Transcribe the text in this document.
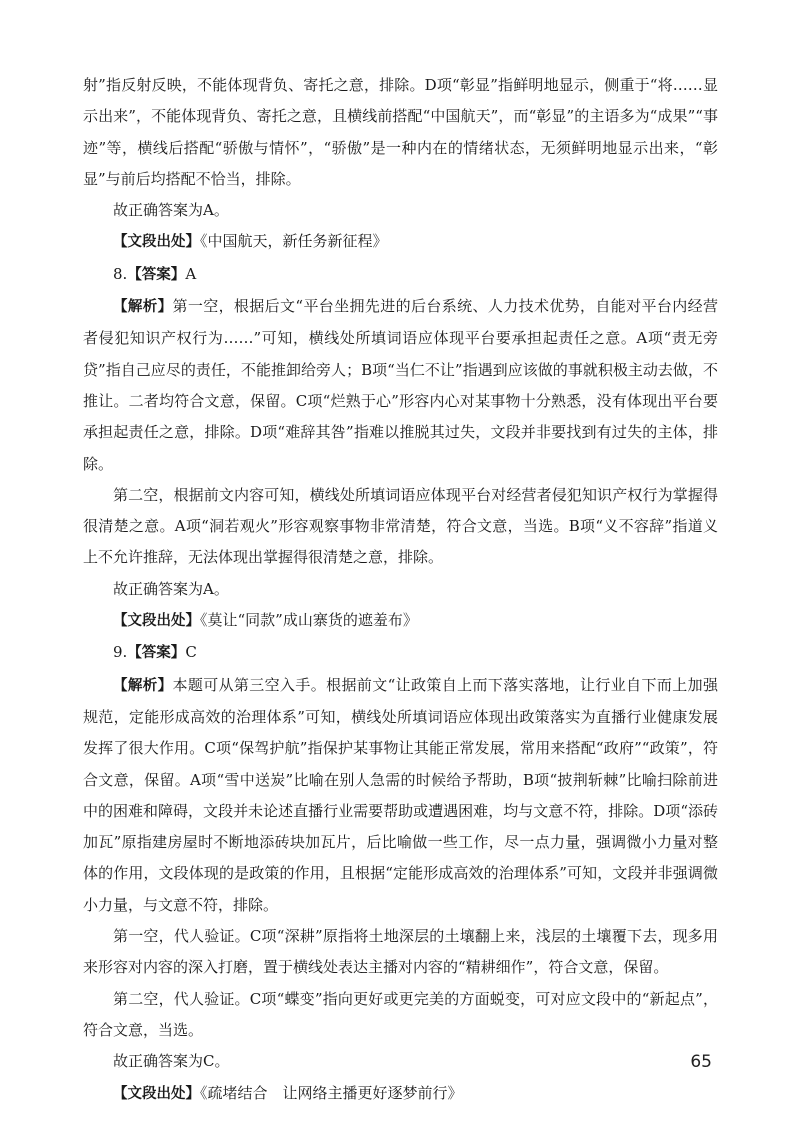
射”指反射反映，不能体现背负、寄托之意，排除。D项“彰显”指鲜明地显示，侧重于“将……显示出来”，不能体现背负、寄托之意，且横线前搭配“中国航天”，而“彰显”的主语多为“成果”“事迹”等，横线后搭配“骄傲与情怀”，“骄傲”是一种内在的情绪状态，无须鲜明地显示出来，“彰显”与前后均搭配不恰当，排除。

故正确答案为A。

【文段出处】《中国航天，新任务新征程》

8.【答案】A

【解析】第一空，根据后文“平台坐拥先进的后台系统、人力技术优势，自能对平台内经营者侵犯知识产权行为……”可知，横线处所填词语应体现平台要承担起责任之意。A项“责无旁贷”指自己应尽的责任，不能推卸给旁人；B项“当仁不让”指遇到应该做的事就积极主动去做，不推让。二者均符合文意，保留。C项“烂熟于心”形容内心对某事物十分熟悉，没有体现出平台要承担起责任之意，排除。D项“难辞其咎”指难以推脱其过失，文段并非要找到有过失的主体，排除。

第二空，根据前文内容可知，横线处所填词语应体现平台对经营者侵犯知识产权行为掌握得很清楚之意。A项“洞若观火”形容观察事物非常清楚，符合文意，当选。B项“义不容辞”指道义上不允许推辞，无法体现出掌握得很清楚之意，排除。

故正确答案为A。

【文段出处】《莫让“同款”成山寨货的遮羞布》

9.【答案】C

【解析】本题可从第三空入手。根据前文“让政策自上而下落实落地，让行业自下而上加强规范，定能形成高效的治理体系”可知，横线处所填词语应体现出政策落实为直播行业健康发展发挥了很大作用。C项“保驾护航”指保护某事物让其能正常发展，常用来搭配“政府”“政策”，符合文意，保留。A项“雪中送炭”比喻在别人急需的时候给予帮助，B项“披荆斩棘”比喻扫除前进中的困难和障碍，文段并未论述直播行业需要帮助或遭遇困难，均与文意不符，排除。D项“添砖加瓦”原指建房屋时不断地添砖块加瓦片，后比喻做一些工作，尽一点力量，强调微小力量对整体的作用，文段体现的是政策的作用，且根据“定能形成高效的治理体系”可知，文段并非强调微小力量，与文意不符，排除。

第一空，代人验证。C项“深耕”原指将土地深层的土壤翻上来，浅层的土壤覆下去，现多用来形容对内容的深入打磨，置于横线处表达主播对内容的“精耕细作”，符合文意，保留。

第二空，代人验证。C项“蝶变”指向更好或更完美的方面蜕变，可对应文段中的“新起点”，符合文意，当选。

故正确答案为C。

【文段出处】《疏堵结合　让网络主播更好逐梦前行》

65
